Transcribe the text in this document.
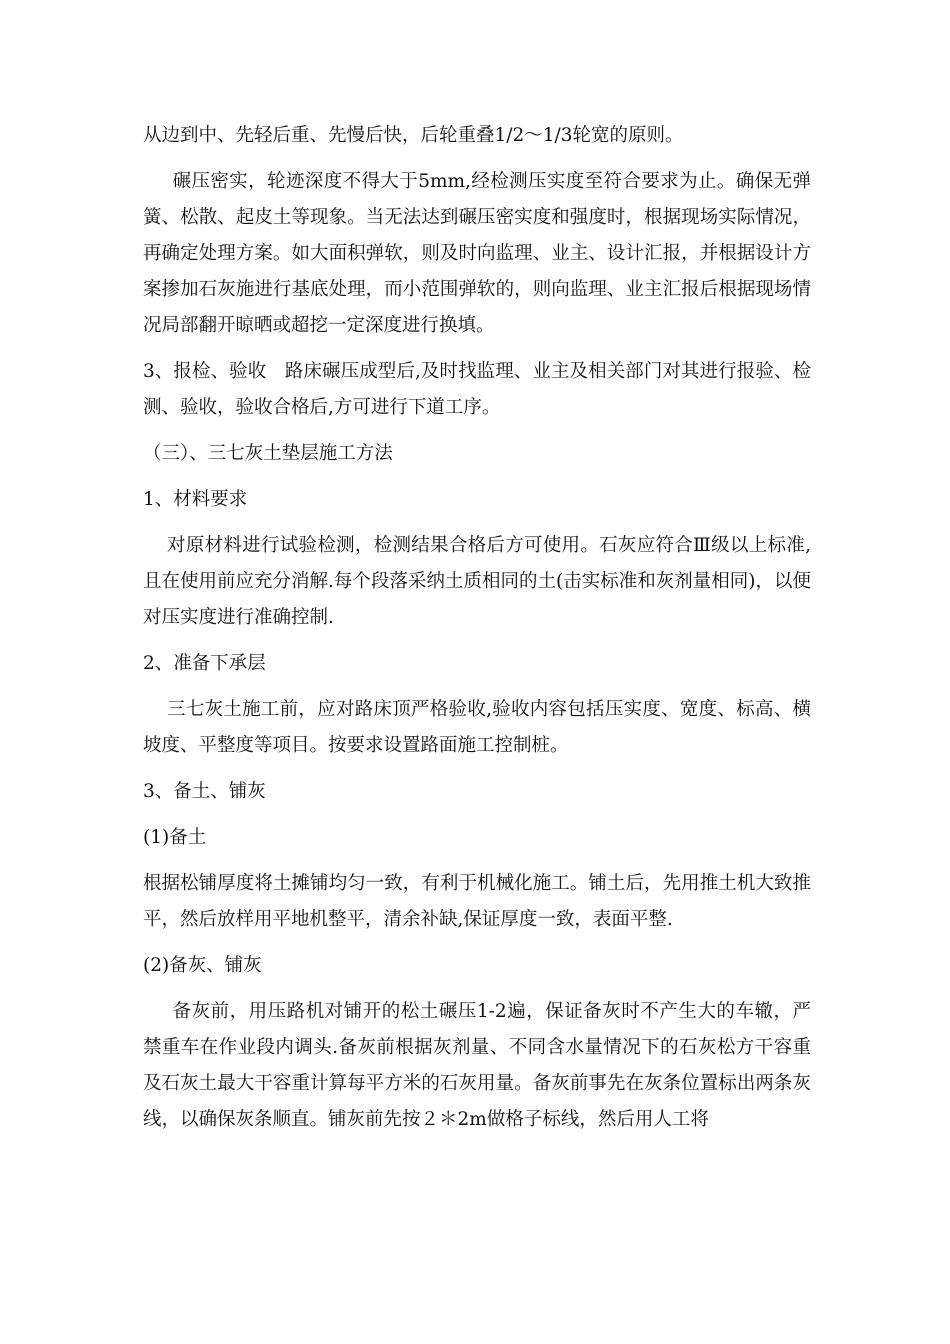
从边到中、先轻后重、先慢后快，后轮重叠1/2～1/3轮宽的原则。

碾压密实，轮迹深度不得大于5mm,经检测压实度至符合要求为止。确保无弹簧、松散、起皮土等现象。当无法达到碾压密实度和强度时，根据现场实际情况，再确定处理方案。如大面积弹软，则及时向监理、业主、设计汇报，并根据设计方案掺加石灰施进行基底处理，而小范围弹软的，则向监理、业主汇报后根据现场情况局部翻开晾晒或超挖一定深度进行换填。

3、报检、验收　路床碾压成型后,及时找监理、业主及相关部门对其进行报验、检测、验收，验收合格后,方可进行下道工序。

（三）、三七灰土垫层施工方法

1、材料要求

对原材料进行试验检测，检测结果合格后方可使用。石灰应符合Ⅲ级以上标准,且在使用前应充分消解.每个段落采纳土质相同的土(击实标准和灰剂量相同)，以便对压实度进行准确控制.

2、准备下承层

三七灰土施工前，应对路床顶严格验收,验收内容包括压实度、宽度、标高、横坡度、平整度等项目。按要求设置路面施工控制桩。

3、备土、铺灰

(1)备土

根据松铺厚度将土摊铺均匀一致，有利于机械化施工。铺土后，先用推土机大致推平，然后放样用平地机整平，清余补缺,保证厚度一致，表面平整.

(2)备灰、铺灰

备灰前，用压路机对铺开的松土碾压1-2遍，保证备灰时不产生大的车辙，严禁重车在作业段内调头.备灰前根据灰剂量、不同含水量情况下的石灰松方干容重及石灰土最大干容重计算每平方米的石灰用量。备灰前事先在灰条位置标出两条灰线，以确保灰条顺直。铺灰前先按２＊2m做格子标线，然后用人工将
